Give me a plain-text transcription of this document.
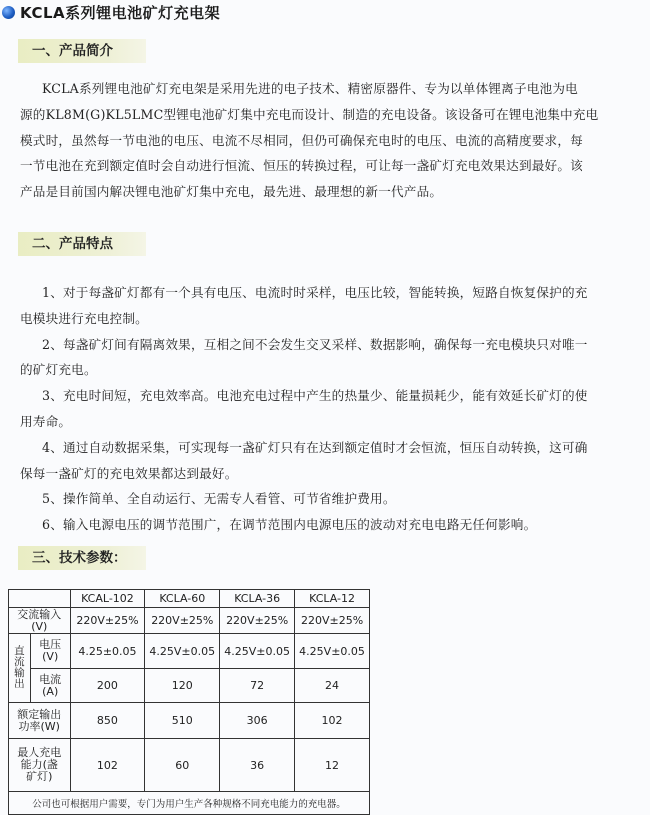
KCLA系列锂电池矿灯充电架
一、产品简介

KCLA系列锂电池矿灯充电架是采用先进的电子技术、精密原器件、专为以单体锂离子电池为电

源的KL8M(G)KL5LMC型锂电池矿灯集中充电而设计、制造的充电设备。该设备可在锂电池集中充电

模式时，虽然每一节电池的电压、电流不尽相同，但仍可确保充电时的电压、电流的高精度要求，每

一节电池在充到额定值时会自动进行恒流、恒压的转换过程，可让每一盏矿灯充电效果达到最好。该

产品是目前国内解决锂电池矿灯集中充电，最先进、最理想的新一代产品。

二、产品特点

1、对于每盏矿灯都有一个具有电压、电流时时采样，电压比较，智能转换，短路自恢复保护的充

电模块进行充电控制。

2、每盏矿灯间有隔离效果，互相之间不会发生交叉采样、数据影响，确保每一充电模块只对唯一

的矿灯充电。

3、充电时间短，充电效率高。电池充电过程中产生的热量少、能量损耗少，能有效延长矿灯的使

用寿命。

4、通过自动数据采集，可实现每一盏矿灯只有在达到额定值时才会恒流，恒压自动转换，这可确

保每一盏矿灯的充电效果都达到最好。

5、操作简单、全自动运行、无需专人看管、可节省维护费用。

6、输入电源电压的调节范围广，在调节范围内电源电压的波动对充电电路无任何影响。

三、技术参数：
		KCAL-102	KCLA-60	KCLA-36	KCLA-12
交流输入
(V)		220V±25%	220V±25%	220V±25%	220V±25%
直
流
输
出	电压
(V)	4.25±0.05	4.25V±0.05	4.25V±0.05	4.25V±0.05
	电流
(A)	200	120	72	24
额定输出
功率(W)		850	510	306	102
最人充电
能力(盏
矿灯)		102	60	36	12
公司也可根据用户需要，专门为用户生产各种规格不同充电能力的充电器。					
